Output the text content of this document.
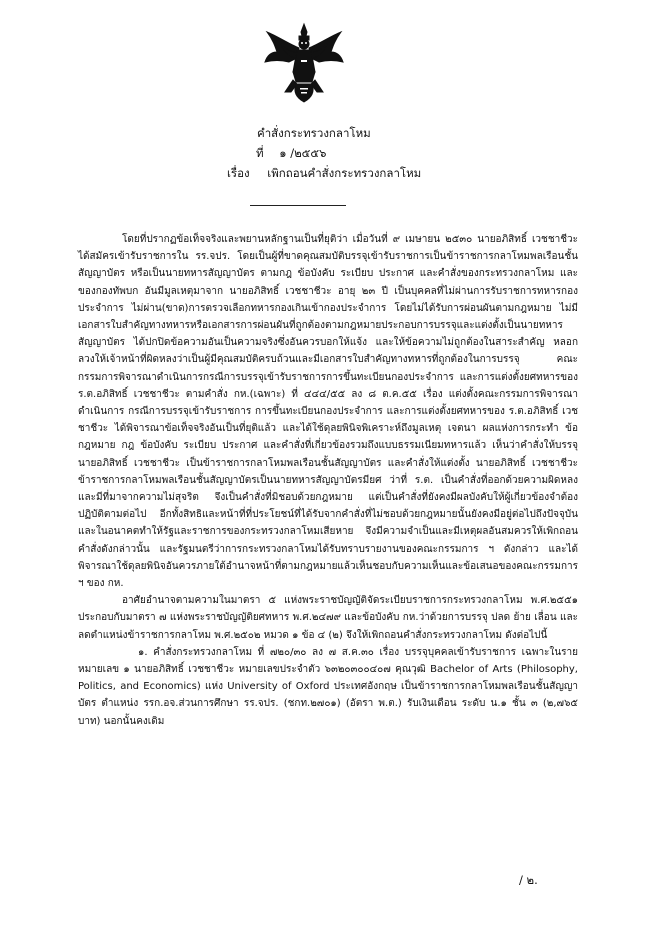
คำสั่งกระทรวงกลาโหม
ที่ ๑ /๒๕๕๖
เรื่อง เพิกถอนคำสั่งกระทรวงกลาโหม

โดยที่ปรากฏข้อเท็จจริงและพยานหลักฐานเป็นที่ยุติว่า เมื่อวันที่ ๙ เมษายน ๒๕๓๐ นายอภิสิทธิ์ เวชชาชีวะ ได้สมัครเข้ารับราชการใน รร.จปร. โดยเป็นผู้ที่ขาดคุณสมบัติบรรจุเข้ารับราชการเป็นข้าราชการกลาโหมพลเรือนชั้นสัญญาบัตร หรือเป็นนายทหารสัญญาบัตร ตามกฎ ข้อบังคับ ระเบียบ ประกาศ และคำสั่งของกระทรวงกลาโหม และของกองทัพบก อันมีมูลเหตุมาจาก นายอภิสิทธิ์ เวชชาชีวะ อายุ ๒๓ ปี เป็นบุคคลที่ไม่ผ่านการรับราชการทหารกองประจำการ ไม่ผ่าน(ขาด)การตรวจเลือกทหารกองเกินเข้ากองประจำการ โดยไม่ได้รับการผ่อนผันตามกฎหมาย ไม่มีเอกสารใบสำคัญทางทหารหรือเอกสารการผ่อนผันที่ถูกต้องตามกฎหมายประกอบการบรรจุและแต่งตั้งเป็นนายทหารสัญญาบัตร ได้ปกปิดข้อความอันเป็นความจริงซึ่งอันควรบอกให้แจ้ง และให้ข้อความไม่ถูกต้องในสาระสำคัญ หลอกลวงให้เจ้าหน้าที่ผิดหลงว่าเป็นผู้มีคุณสมบัติครบถ้วนและมีเอกสารใบสำคัญทางทหารที่ถูกต้องในการบรรจุ คณะกรรมการพิจารณาดำเนินการกรณีการบรรจุเข้ารับราชการการขึ้นทะเบียนกองประจำการ และการแต่งตั้งยศทหารของ ร.ต.อภิสิทธิ์ เวชชาชีวะ ตามคำสั่ง กห.(เฉพาะ) ที่ ๔๔๔/๕๕ ลง ๘ ต.ค.๕๕ เรื่อง แต่งตั้งคณะกรรมการพิจารณาดำเนินการ กรณีการบรรจุเข้ารับราชการ การขึ้นทะเบียนกองประจำการ และการแต่งตั้งยศทหารของ ร.ต.อภิสิทธิ์ เวชชาชีวะ ได้พิจารณาข้อเท็จจริงอันเป็นที่ยุติแล้ว และได้ใช้ดุลยพินิจพิเคราะห์ถึงมูลเหตุ เจตนา ผลแห่งการกระทำ ข้อกฎหมาย กฎ ข้อบังคับ ระเบียบ ประกาศ และคำสั่งที่เกี่ยวข้องรวมถึงแบบธรรมเนียมทหารแล้ว เห็นว่าคำสั่งให้บรรจุ นายอภิสิทธิ์ เวชชาชีวะ เป็นข้าราชการกลาโหมพลเรือนชั้นสัญญาบัตร และคำสั่งให้แต่งตั้ง นายอภิสิทธิ์ เวชชาชีวะ ข้าราชการกลาโหมพลเรือนชั้นสัญญาบัตรเป็นนายทหารสัญญาบัตรมียศ ว่าที่ ร.ต. เป็นคำสั่งที่ออกด้วยความผิดหลง และมีที่มาจากความไม่สุจริต จึงเป็นคำสั่งที่มิชอบด้วยกฎหมาย แต่เป็นคำสั่งที่ยังคงมีผลบังคับให้ผู้เกี่ยวข้องจำต้องปฏิบัติตามต่อไป อีกทั้งสิทธิและหน้าที่ที่ประโยชน์ที่ได้รับจากคำสั่งที่ไม่ชอบด้วยกฎหมายนั้นยังคงมีอยู่ต่อไปถึงปัจจุบันและในอนาคตทำให้รัฐและราชการของกระทรวงกลาโหมเสียหาย จึงมีความจำเป็นและมีเหตุผลอันสมควรให้เพิกถอนคำสั่งดังกล่าวนั้น และรัฐมนตรีว่าการกระทรวงกลาโหมได้รับทราบรายงานของคณะกรรมการ ฯ ดังกล่าว และได้พิจารณาใช้ดุลยพินิจอันควรภายใต้อำนาจหน้าที่ตามกฎหมายแล้วเห็นชอบกับความเห็นและข้อเสนอของคณะกรรมการ ฯ ของ กห.

อาศัยอำนาจตามความในมาตรา ๕ แห่งพระราชบัญญัติจัดระเบียบราชการกระทรวงกลาโหม พ.ศ.๒๕๕๑ ประกอบกับมาตรา ๗ แห่งพระราชบัญญัติยศทหาร พ.ศ.๒๔๗๙ และข้อบังคับ กห.ว่าด้วยการบรรจุ ปลด ย้าย เลื่อน และลดตำแหน่งข้าราชการกลาโหม พ.ศ.๒๕๐๒ หมวด ๑ ข้อ ๔ (๒) จึงให้เพิกถอนคำสั่งกระทรวงกลาโหม ดังต่อไปนี้

๑. คำสั่งกระทรวงกลาโหม ที่ ๗๒๐/๓๐ ลง ๗ ส.ค.๓๐ เรื่อง บรรจุบุคคลเข้ารับราชการ เฉพาะในรายหมายเลข ๑ นายอภิสิทธิ์ เวชชาชีวะ หมายเลขประจำตัว ๖๓๒๐๓๐๐๔๐๗ คุณวุฒิ Bachelor of Arts (Philosophy, Politics, and Economics) แห่ง University of Oxford ประเทศอังกฤษ เป็นข้าราชการกลาโหมพลเรือนชั้นสัญญาบัตร ตำแหน่ง รรก.อจ.ส่วนการศึกษา รร.จปร. (ชกท.๒๗๐๑) (อัตรา พ.ต.) รับเงินเดือน ระดับ น.๑ ชั้น ๓ (๒,๗๖๕ บาท) นอกนั้นคงเดิม

/ ๒.
